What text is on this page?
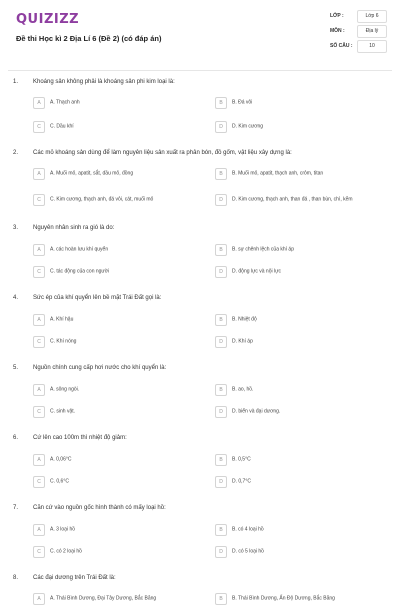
QUIZIZZ
Đề thi Học kì 2 Địa Lí 6 (Đề 2) (có đáp án)
LỚP :	Lớp 6
MÔN :	Địa lý
SỐ CÂU :	10
1. Khoáng sản không phải là khoáng sản phi kim loại là:
A	A. Thạch anh	B	B. Đá vôi
C	C. Dầu khí	D	D. Kim cương
2. Các mỏ khoáng sản dùng để làm nguyên liệu sản xuất ra phân bón, đồ gốm, vật liệu xây dựng là:
A	A. Muối mỏ, apatit, sắt, dầu mỏ, đồng	B	B. Muối mỏ, apatit, thạch anh, crôm, titan
C	C. Kim cương, thạch anh, đá vôi, cát, muối mỏ	D	D. Kim cương, thạch anh, than đá , than bùn, chì, kẽm
3. Nguyên nhân sinh ra gió là do:
A	A. các hoàn lưu khí quyển	B	B. sự chênh lệch của khí áp
C	C. tác động của con người	D	D. động lực và nội lực
4. Sức ép của khí quyển lên bề mặt Trái Đất gọi là:
A	A. Khí hậu	B	B. Nhiệt độ
C	C. Khí nóng	D	D. Khí áp
5. Nguồn chính cung cấp hơi nước cho khí quyển là:
A	A. sông ngòi.	B	B. ao, hồ.
C	C. sinh vật.	D	D. biển và đại dương.
6. Cứ lên cao 100m thì nhiệt độ giảm:
A	A. 0,06°C	B	B. 0,5°C
C	C. 0,6°C	D	D. 0,7°C
7. Căn cứ vào nguồn gốc hình thành có mấy loại hồ:
A	A. 3 loại hồ	B	B. có 4 loại hồ
C	C. có 2 loại hồ	D	D. có 5 loại hồ
8. Các đại dương trên Trái Đất là:
A	A. Thái Bình Dương, Đại Tây Dương, Bắc Băng	B	B. Thái Bình Dương, Ấn Độ Dương, Bắc Băng
